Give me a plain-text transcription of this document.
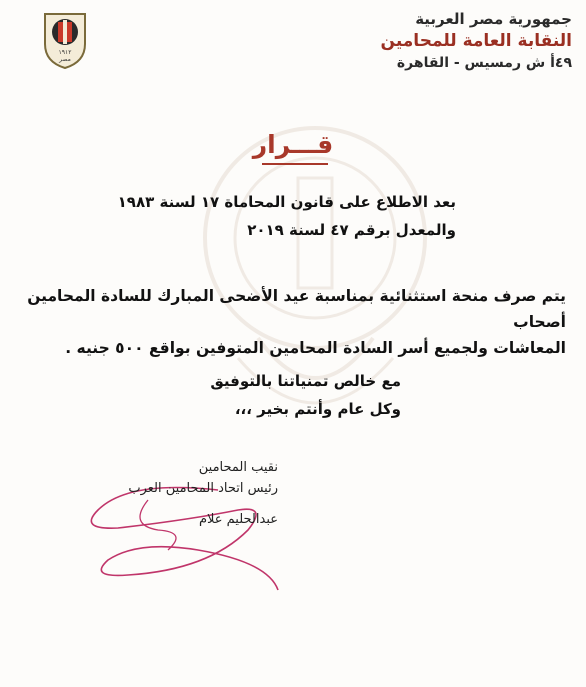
جمهورية مصر العربية
النقابة العامة للمحامين
٤٩أ ش رمسيس - القاهرة
١٩١٢
مصر
قـــرار
بعد الاطلاع على قانون المحاماة ١٧ لسنة ١٩٨٣
والمعدل برقم ٤٧ لسنة ٢٠١٩
يتم صرف منحة استثنائية بمناسبة عيد الأضحى المبارك للسادة المحامين أصحاب
المعاشات ولجميع أسر السادة المحامين المتوفين بواقع ٥٠٠ جنيه .
مع خالص تمنياتنا بالتوفيق
وكل عام وأنتم بخير ،،،
نقيب المحامين
رئيس اتحاد المحامين العرب
عبدالحليم علام
